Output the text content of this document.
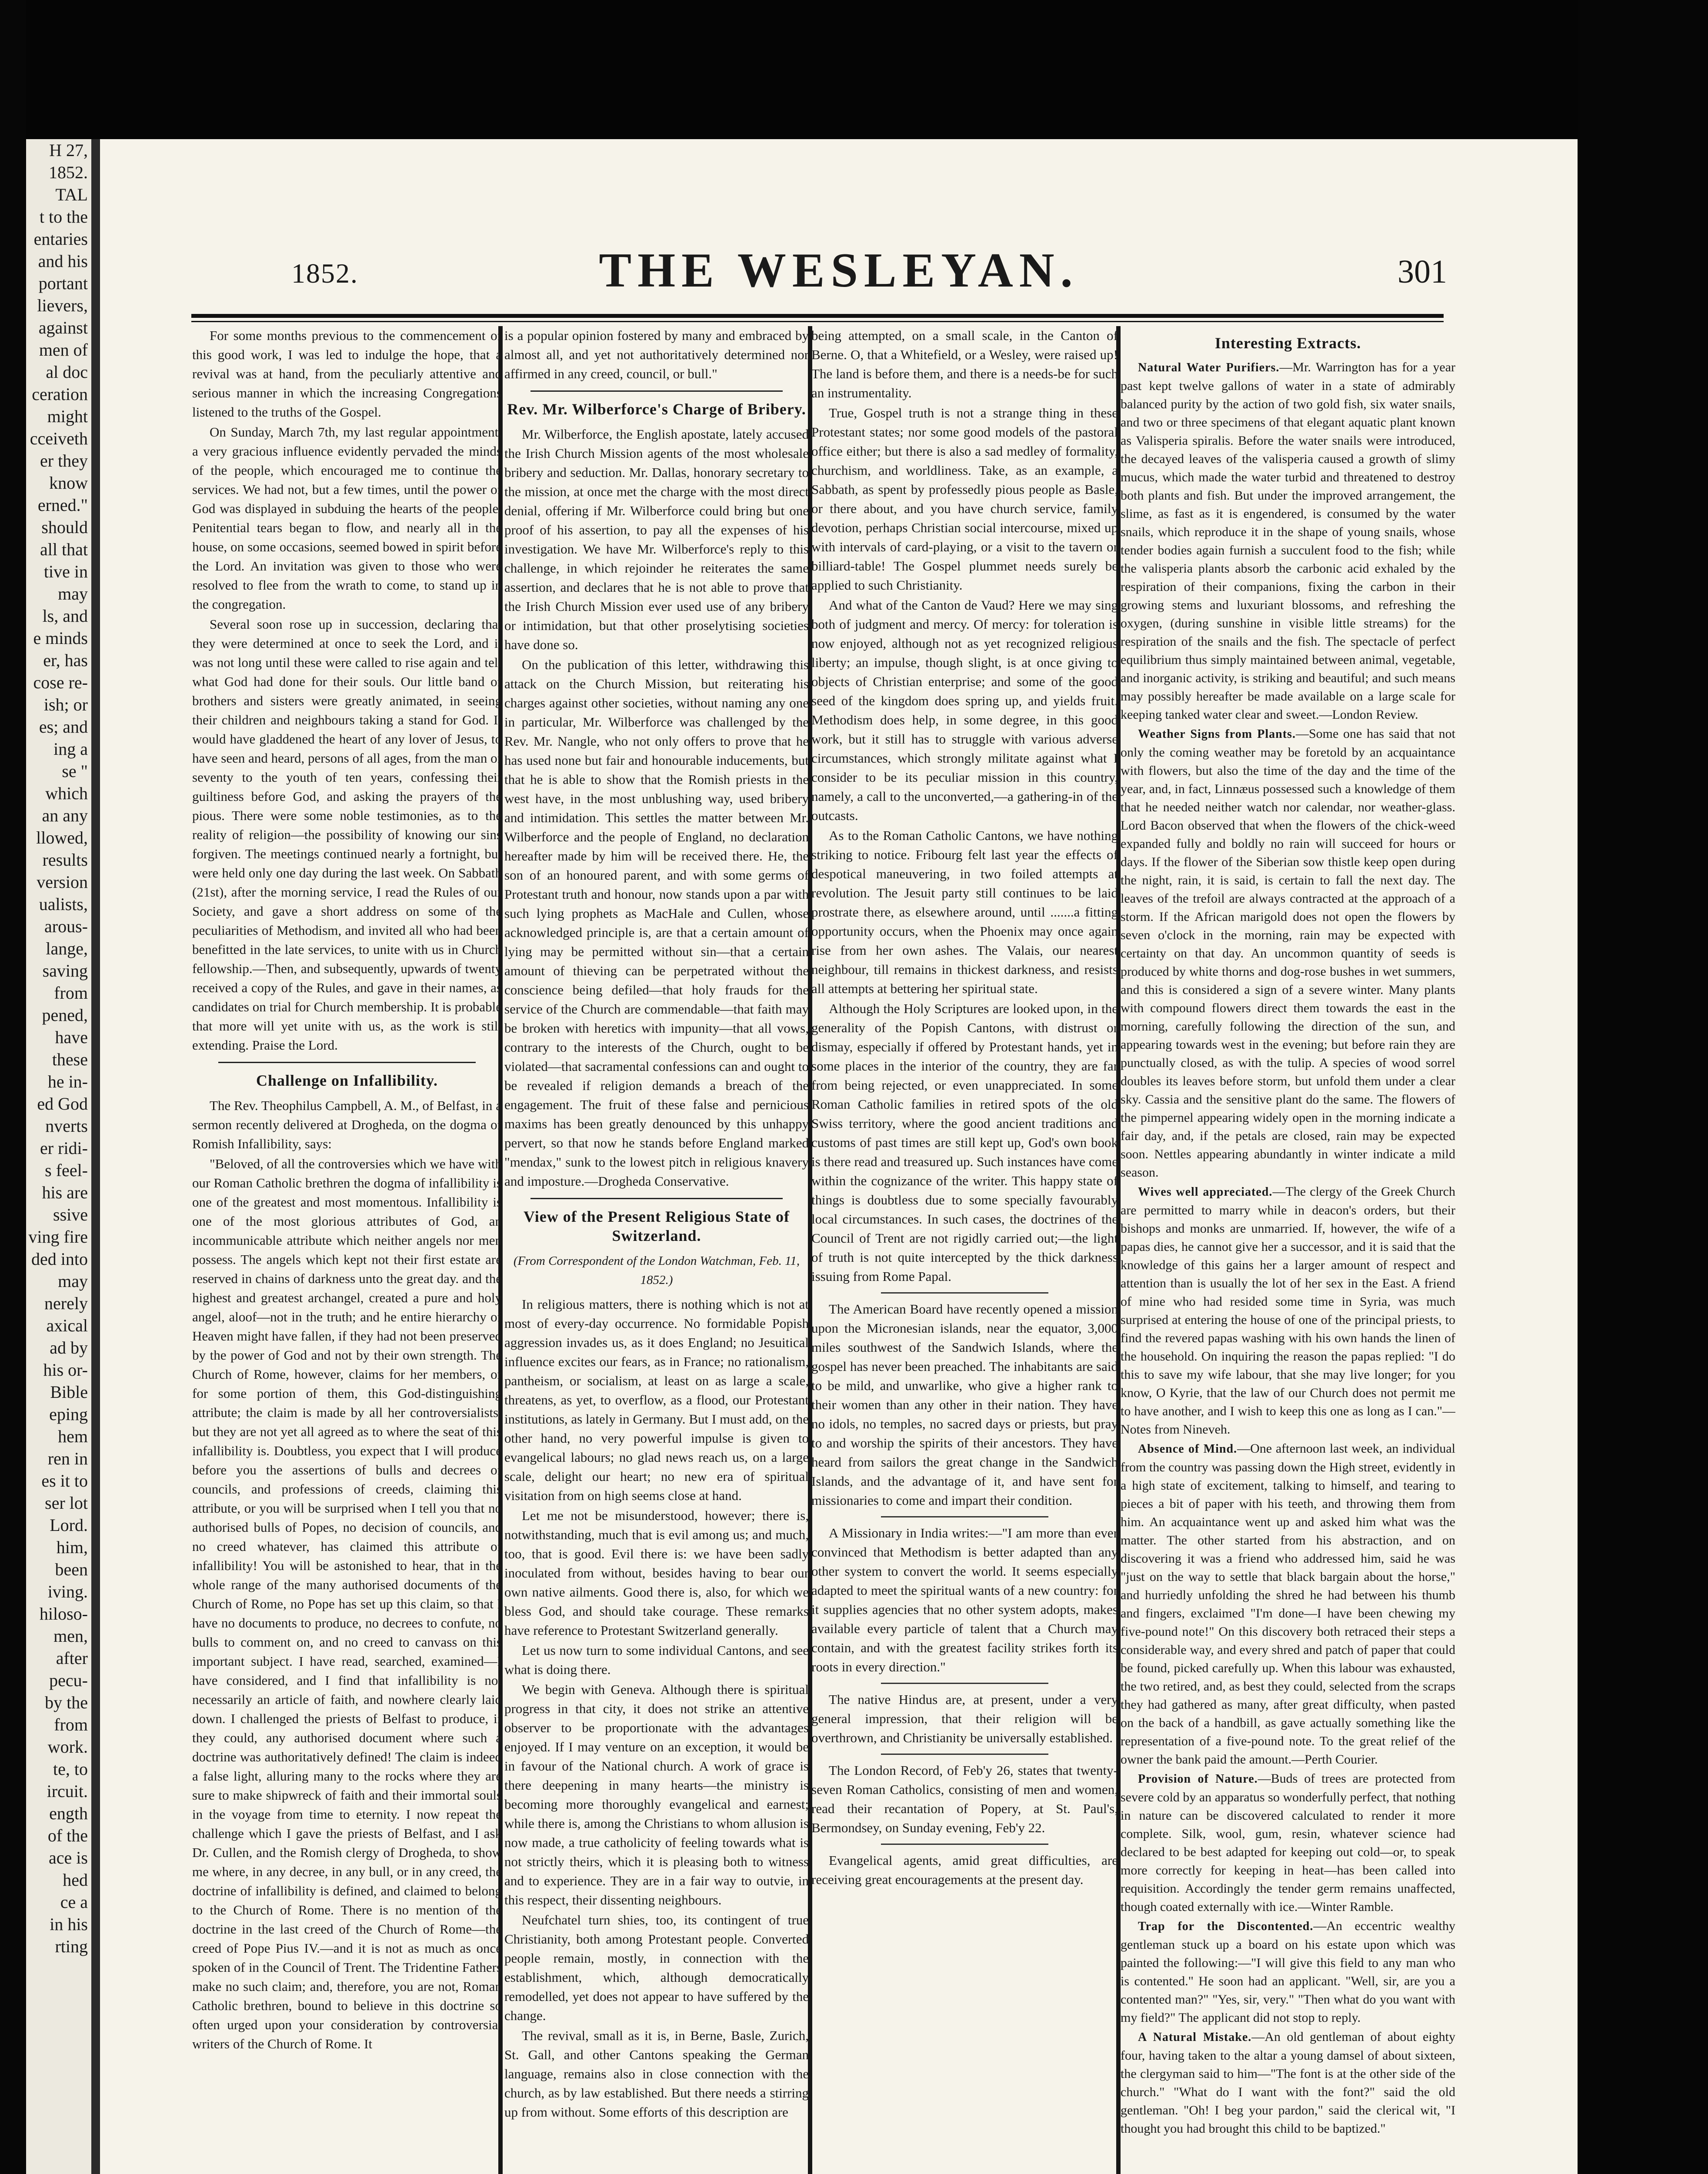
H 27,
1852.
TAL
t to the
entaries
and his
portant
lievers,
against
men of
al doc
ceration
might
cceiveth
er they
know
erned."
should
all that
tive in
may
ls, and
e minds
er, has
cose re-
ish; or
es; and
ing a
se "
which
an any
llowed,
results
version
ualists,
arous-
lange,
saving
from
pened,
have
these
he in-
ed God
nverts
er ridi-
s feel-
his are
ssive
ving fire
ded into
may
nerely
axical
ad by
his or-
Bible
eping
hem
ren in
es it to
ser lot
Lord.
him,
been
iving.
hiloso-
men,
after
pecu-
by the
from
work.
te, to
ircuit.
ength
of the
ace is
hed
ce a
in his
rting
1852.	THE WESLEYAN.	301

For some months previous to the commencement of this good work, I was led to indulge the hope, that a revival was at hand, from the peculiarly attentive and serious manner in which the increasing Congregations listened to the truths of the Gospel.

On Sunday, March 7th, my last regular appointment, a very gracious influence evidently pervaded the minds of the people, which encouraged me to continue the services. We had not, but a few times, until the power of God was displayed in subduing the hearts of the people. Penitential tears began to flow, and nearly all in the house, on some occasions, seemed bowed in spirit before the Lord. An invitation was given to those who were resolved to flee from the wrath to come, to stand up in the congregation.

Several soon rose up in succession, declaring that they were determined at once to seek the Lord, and it was not long until these were called to rise again and tell what God had done for their souls. Our little band of brothers and sisters were greatly animated, in seeing their children and neighbours taking a stand for God. It would have gladdened the heart of any lover of Jesus, to have seen and heard, persons of all ages, from the man of seventy to the youth of ten years, confessing their guiltiness before God, and asking the prayers of the pious. There were some noble testimonies, as to the reality of religion—the possibility of knowing our sins forgiven. The meetings continued nearly a fortnight, but were held only one day during the last week. On Sabbath (21st), after the morning service, I read the Rules of our Society, and gave a short address on some of the peculiarities of Methodism, and invited all who had been benefitted in the late services, to unite with us in Church fellowship.—Then, and subsequently, upwards of twenty received a copy of the Rules, and gave in their names, as candidates on trial for Church membership. It is probable that more will yet unite with us, as the work is still extending. Praise the Lord.

Challenge on Infallibility.

The Rev. Theophilus Campbell, A. M., of Belfast, in a sermon recently delivered at Drogheda, on the dogma of Romish Infallibility, says:

"Beloved, of all the controversies which we have with our Roman Catholic brethren the dogma of infallibility is one of the greatest and most momentous. Infallibility is one of the most glorious attributes of God, an incommunicable attribute which neither angels nor men possess. The angels which kept not their first estate are reserved in chains of darkness unto the great day. and the highest and greatest archangel, created a pure and holy angel, aloof—not in the truth; and he entire hierarchy of Heaven might have fallen, if they had not been preserved by the power of God and not by their own strength. The Church of Rome, however, claims for her members, or for some portion of them, this God-distinguishing attribute; the claim is made by all her controversialists, but they are not yet all agreed as to where the seat of this infallibility is. Doubtless, you expect that I will produce before you the assertions of bulls and decrees of councils, and professions of creeds, claiming this attribute, or you will be surprised when I tell you that no authorised bulls of Popes, no decision of councils, and no creed whatever, has claimed this attribute of infallibility! You will be astonished to hear, that in the whole range of the many authorised documents of the Church of Rome, no Pope has set up this claim, so that I have no documents to produce, no decrees to confute, no bulls to comment on, and no creed to canvass on this important subject. I have read, searched, examined—I have considered, and I find that infallibility is not necessarily an article of faith, and nowhere clearly laid down. I challenged the priests of Belfast to produce, if they could, any authorised document where such a doctrine was authoritatively defined! The claim is indeed a false light, alluring many to the rocks where they are sure to make shipwreck of faith and their immortal souls in the voyage from time to eternity. I now repeat the challenge which I gave the priests of Belfast, and I ask Dr. Cullen, and the Romish clergy of Drogheda, to show me where, in any decree, in any bull, or in any creed, the doctrine of infallibility is defined, and claimed to belong to the Church of Rome. There is no mention of the doctrine in the last creed of the Church of Rome—the creed of Pope Pius IV.—and it is not as much as once spoken of in the Council of Trent. The Tridentine Fathers make no such claim; and, therefore, you are not, Roman Catholic brethren, bound to believe in this doctrine so often urged upon your consideration by controversial writers of the Church of Rome. It

is a popular opinion fostered by many and embraced by almost all, and yet not authoritatively determined nor affirmed in any creed, council, or bull."

Rev. Mr. Wilberforce's Charge of Bribery.

Mr. Wilberforce, the English apostate, lately accused the Irish Church Mission agents of the most wholesale bribery and seduction. Mr. Dallas, honorary secretary to the mission, at once met the charge with the most direct denial, offering if Mr. Wilberforce could bring but one proof of his assertion, to pay all the expenses of his investigation. We have Mr. Wilberforce's reply to this challenge, in which rejoinder he reiterates the same assertion, and declares that he is not able to prove that the Irish Church Mission ever used use of any bribery or intimidation, but that other proselytising societies have done so.

On the publication of this letter, withdrawing this attack on the Church Mission, but reiterating his charges against other societies, without naming any one in particular, Mr. Wilberforce was challenged by the Rev. Mr. Nangle, who not only offers to prove that he has used none but fair and honourable inducements, but that he is able to show that the Romish priests in the west have, in the most unblushing way, used bribery and intimidation. This settles the matter between Mr. Wilberforce and the people of England, no declaration hereafter made by him will be received there. He, the son of an honoured parent, and with some germs of Protestant truth and honour, now stands upon a par with such lying prophets as MacHale and Cullen, whose acknowledged principle is, are that a certain amount of lying may be permitted without sin—that a certain amount of thieving can be perpetrated without the conscience being defiled—that holy frauds for the service of the Church are commendable—that faith may be broken with heretics with impunity—that all vows, contrary to the interests of the Church, ought to be violated—that sacramental confessions can and ought to be revealed if religion demands a breach of the engagement. The fruit of these false and pernicious maxims has been greatly denounced by this unhappy pervert, so that now he stands before England marked "mendax," sunk to the lowest pitch in religious knavery and imposture.—Drogheda Conservative.

View of the Present Religious State of Switzerland.
(From Correspondent of the London Watchman, Feb. 11, 1852.)

In religious matters, there is nothing which is not at most of every-day occurrence. No formidable Popish aggression invades us, as it does England; no Jesuitical influence excites our fears, as in France; no rationalism, pantheism, or socialism, at least on as large a scale, threatens, as yet, to overflow, as a flood, our Protestant institutions, as lately in Germany. But I must add, on the other hand, no very powerful impulse is given to evangelical labours; no glad news reach us, on a large scale, delight our heart; no new era of spiritual visitation from on high seems close at hand.

Let me not be misunderstood, however; there is, notwithstanding, much that is evil among us; and much, too, that is good. Evil there is: we have been sadly inoculated from without, besides having to bear our own native ailments. Good there is, also, for which we bless God, and should take courage. These remarks have reference to Protestant Switzerland generally.

Let us now turn to some individual Cantons, and see what is doing there.

We begin with Geneva. Although there is spiritual progress in that city, it does not strike an attentive observer to be proportionate with the advantages enjoyed. If I may venture on an exception, it would be in favour of the National church. A work of grace is there deepening in many hearts—the ministry is becoming more thoroughly evangelical and earnest; while there is, among the Christians to whom allusion is now made, a true catholicity of feeling towards what is not strictly theirs, which it is pleasing both to witness and to experience. They are in a fair way to outvie, in this respect, their dissenting neighbours.

Neufchatel turn shies, too, its contingent of true Christianity, both among Protestant people. Converted people remain, mostly, in connection with the establishment, which, although democratically remodelled, yet does not appear to have suffered by the change.

The revival, small as it is, in Berne, Basle, Zurich, St. Gall, and other Cantons speaking the German language, remains also in close connection with the church, as by law established. But there needs a stirring up from without. Some efforts of this description are

being attempted, on a small scale, in the Canton of Berne. O, that a Whitefield, or a Wesley, were raised up! The land is before them, and there is a needs-be for such an instrumentality.

True, Gospel truth is not a strange thing in these Protestant states; nor some good models of the pastoral office either; but there is also a sad medley of formality, churchism, and worldliness. Take, as an example, a Sabbath, as spent by professedly pious people as Basle, or there about, and you have church service, family devotion, perhaps Christian social intercourse, mixed up with intervals of card-playing, or a visit to the tavern or billiard-table! The Gospel plummet needs surely be applied to such Christianity.

And what of the Canton de Vaud? Here we may sing both of judgment and mercy. Of mercy: for toleration is now enjoyed, although not as yet recognized religious liberty; an impulse, though slight, is at once giving to objects of Christian enterprise; and some of the good seed of the kingdom does spring up, and yields fruit. Methodism does help, in some degree, in this good work, but it still has to struggle with various adverse circumstances, which strongly militate against what I consider to be its peculiar mission in this country, namely, a call to the unconverted,—a gathering-in of the outcasts.

As to the Roman Catholic Cantons, we have nothing striking to notice. Fribourg felt last year the effects of despotical maneuvering, in two foiled attempts at revolution. The Jesuit party still continues to be laid prostrate there, as elsewhere around, until .......a fitting opportunity occurs, when the Phoenix may once again rise from her own ashes. The Valais, our nearest neighbour, till remains in thickest darkness, and resists all attempts at bettering her spiritual state.

Although the Holy Scriptures are looked upon, in the generality of the Popish Cantons, with distrust or dismay, especially if offered by Protestant hands, yet in some places in the interior of the country, they are far from being rejected, or even unappreciated. In some Roman Catholic families in retired spots of the old Swiss territory, where the good ancient traditions and customs of past times are still kept up, God's own book is there read and treasured up. Such instances have come within the cognizance of the writer. This happy state of things is doubtless due to some specially favourably local circumstances. In such cases, the doctrines of the Council of Trent are not rigidly carried out;—the light of truth is not quite intercepted by the thick darkness issuing from Rome Papal.

The American Board have recently opened a mission upon the Micronesian islands, near the equator, 3,000 miles southwest of the Sandwich Islands, where the gospel has never been preached. The inhabitants are said to be mild, and unwarlike, who give a higher rank to their women than any other in their nation. They have no idols, no temples, no sacred days or priests, but pray to and worship the spirits of their ancestors. They have heard from sailors the great change in the Sandwich Islands, and the advantage of it, and have sent for missionaries to come and impart their condition.

A Missionary in India writes:—"I am more than ever convinced that Methodism is better adapted than any other system to convert the world. It seems especially adapted to meet the spiritual wants of a new country: for it supplies agencies that no other system adopts, makes available every particle of talent that a Church may contain, and with the greatest facility strikes forth its roots in every direction."

The native Hindus are, at present, under a very general impression, that their religion will be overthrown, and Christianity be universally established.

The London Record, of Feb'y 26, states that twenty-seven Roman Catholics, consisting of men and women, read their recantation of Popery, at St. Paul's, Bermondsey, on Sunday evening, Feb'y 22.

Evangelical agents, amid great difficulties, are receiving great encouragements at the present day.

Interesting Extracts.

Natural Water Purifiers.—Mr. Warrington has for a year past kept twelve gallons of water in a state of admirably balanced purity by the action of two gold fish, six water snails, and two or three specimens of that elegant aquatic plant known as Valisperia spiralis. Before the water snails were introduced, the decayed leaves of the valisperia caused a growth of slimy mucus, which made the water turbid and threatened to destroy both plants and fish. But under the improved arrangement, the slime, as fast as it is engendered, is consumed by the water snails, which reproduce it in the shape of young snails, whose tender bodies again furnish a succulent food to the fish; while the valisperia plants absorb the carbonic acid exhaled by the respiration of their companions, fixing the carbon in their growing stems and luxuriant blossoms, and refreshing the oxygen, (during sunshine in visible little streams) for the respiration of the snails and the fish. The spectacle of perfect equilibrium thus simply maintained between animal, vegetable, and inorganic activity, is striking and beautiful; and such means may possibly hereafter be made available on a large scale for keeping tanked water clear and sweet.—London Review.

Weather Signs from Plants.—Some one has said that not only the coming weather may be foretold by an acquaintance with flowers, but also the time of the day and the time of the year, and, in fact, Linnæus possessed such a knowledge of them that he needed neither watch nor calendar, nor weather-glass. Lord Bacon observed that when the flowers of the chick-weed expanded fully and boldly no rain will succeed for hours or days. If the flower of the Siberian sow thistle keep open during the night, rain, it is said, is certain to fall the next day. The leaves of the trefoil are always contracted at the approach of a storm. If the African marigold does not open the flowers by seven o'clock in the morning, rain may be expected with certainty on that day. An uncommon quantity of seeds is produced by white thorns and dog-rose bushes in wet summers, and this is considered a sign of a severe winter. Many plants with compound flowers direct them towards the east in the morning, carefully following the direction of the sun, and appearing towards west in the evening; but before rain they are punctually closed, as with the tulip. A species of wood sorrel doubles its leaves before storm, but unfold them under a clear sky. Cassia and the sensitive plant do the same. The flowers of the pimpernel appearing widely open in the morning indicate a fair day, and, if the petals are closed, rain may be expected soon. Nettles appearing abundantly in winter indicate a mild season.

Wives well appreciated.—The clergy of the Greek Church are permitted to marry while in deacon's orders, but their bishops and monks are unmarried. If, however, the wife of a papas dies, he cannot give her a successor, and it is said that the knowledge of this gains her a larger amount of respect and attention than is usually the lot of her sex in the East. A friend of mine who had resided some time in Syria, was much surprised at entering the house of one of the principal priests, to find the revered papas washing with his own hands the linen of the household. On inquiring the reason the papas replied: "I do this to save my wife labour, that she may live longer; for you know, O Kyrie, that the law of our Church does not permit me to have another, and I wish to keep this one as long as I can."—Notes from Nineveh.

Absence of Mind.—One afternoon last week, an individual from the country was passing down the High street, evidently in a high state of excitement, talking to himself, and tearing to pieces a bit of paper with his teeth, and throwing them from him. An acquaintance went up and asked him what was the matter. The other started from his abstraction, and on discovering it was a friend who addressed him, said he was "just on the way to settle that black bargain about the horse," and hurriedly unfolding the shred he had between his thumb and fingers, exclaimed "I'm done—I have been chewing my five-pound note!" On this discovery both retraced their steps a considerable way, and every shred and patch of paper that could be found, picked carefully up. When this labour was exhausted, the two retired, and, as best they could, selected from the scraps they had gathered as many, after great difficulty, when pasted on the back of a handbill, as gave actually something like the representation of a five-pound note. To the great relief of the owner the bank paid the amount.—Perth Courier.

Provision of Nature.—Buds of trees are protected from severe cold by an apparatus so wonderfully perfect, that nothing in nature can be discovered calculated to render it more complete. Silk, wool, gum, resin, whatever science had declared to be best adapted for keeping out cold—or, to speak more correctly for keeping in heat—has been called into requisition. Accordingly the tender germ remains unaffected, though coated externally with ice.—Winter Ramble.

Trap for the Discontented.—An eccentric wealthy gentleman stuck up a board on his estate upon which was painted the following:—"I will give this field to any man who is contented." He soon had an applicant. "Well, sir, are you a contented man?" "Yes, sir, very." "Then what do you want with my field?" The applicant did not stop to reply.

A Natural Mistake.—An old gentleman of about eighty four, having taken to the altar a young damsel of about sixteen, the clergyman said to him—"The font is at the other side of the church." "What do I want with the font?" said the old gentleman. "Oh! I beg your pardon," said the clerical wit, "I thought you had brought this child to be baptized."
